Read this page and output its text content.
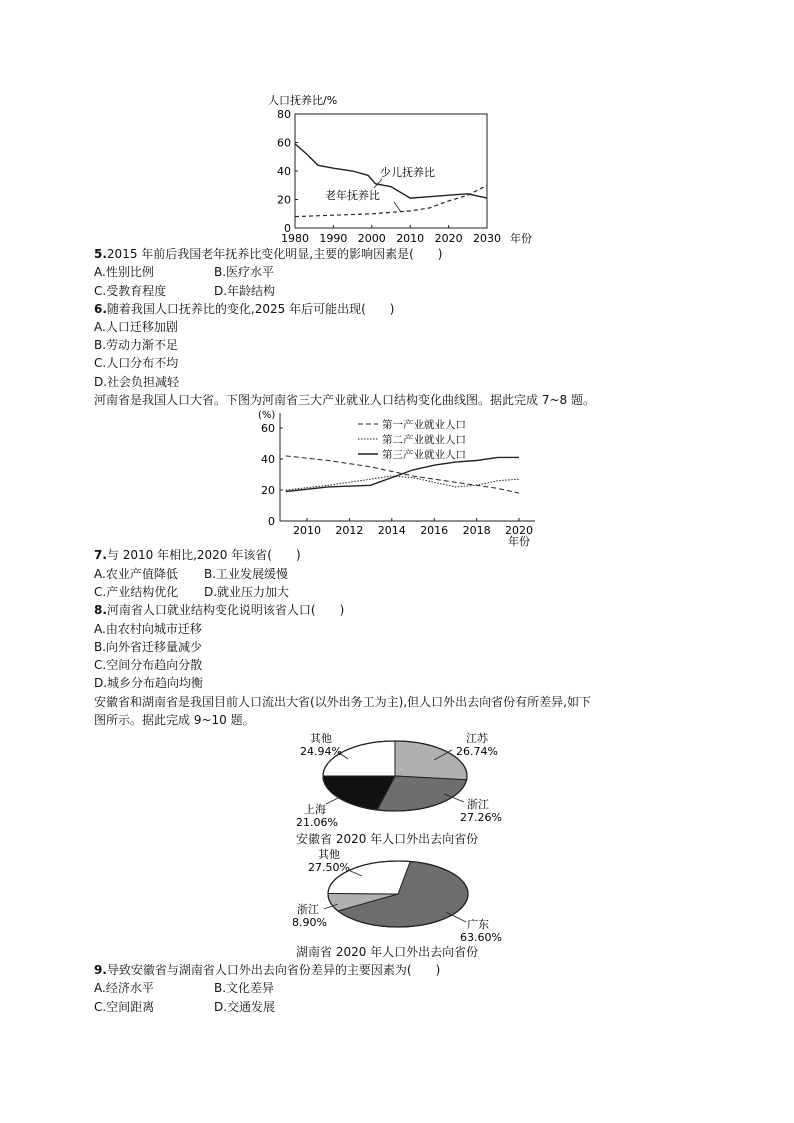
人口抚养比/%
0
20
40
60
80
1980 1990 2000 2010 2020 2030 年份
少儿抚养比
老年抚养比
5.2015 年前后我国老年抚养比变化明显,主要的影响因素是(　　)
A.性别比例	B.医疗水平
C.受教育程度	D.年龄结构
6.随着我国人口抚养比的变化,2025 年后可能出现(　　)
A.人口迁移加剧
B.劳动力渐不足
C.人口分布不均
D.社会负担减轻
河南省是我国人口大省。下图为河南省三大产业就业人口结构变化曲线图。据此完成 7~8 题。
(%)
0
20
40
60
2010 2012 2014 2016 2018 2020
年份
第一产业就业人口
第二产业就业人口
第三产业就业人口
7.与 2010 年相比,2020 年该省(　　)
A.农业产值降低 B.工业发展缓慢
C.产业结构优化 D.就业压力加大
8.河南省人口就业结构变化说明该省人口(　　)
A.由农村向城市迁移
B.向外省迁移量减少
C.空间分布趋向分散
D.城乡分布趋向均衡
安徽省和湖南省是我国目前人口流出大省(以外出务工为主),但人口外出去向省份有所差异,如下
图所示。据此完成 9~10 题。
其他
24.94%
江苏
26.74%
浙江
27.26%
上海
21.06%
安徽省 2020 年人口外出去向省份
其他
27.50%
浙江
8.90%	广东
63.60%
湖南省 2020 年人口外出去向省份
9.导致安徽省与湖南省人口外出去向省份差异的主要因素为(　　)
A.经济水平	B.文化差异
C.空间距离	D.交通发展
